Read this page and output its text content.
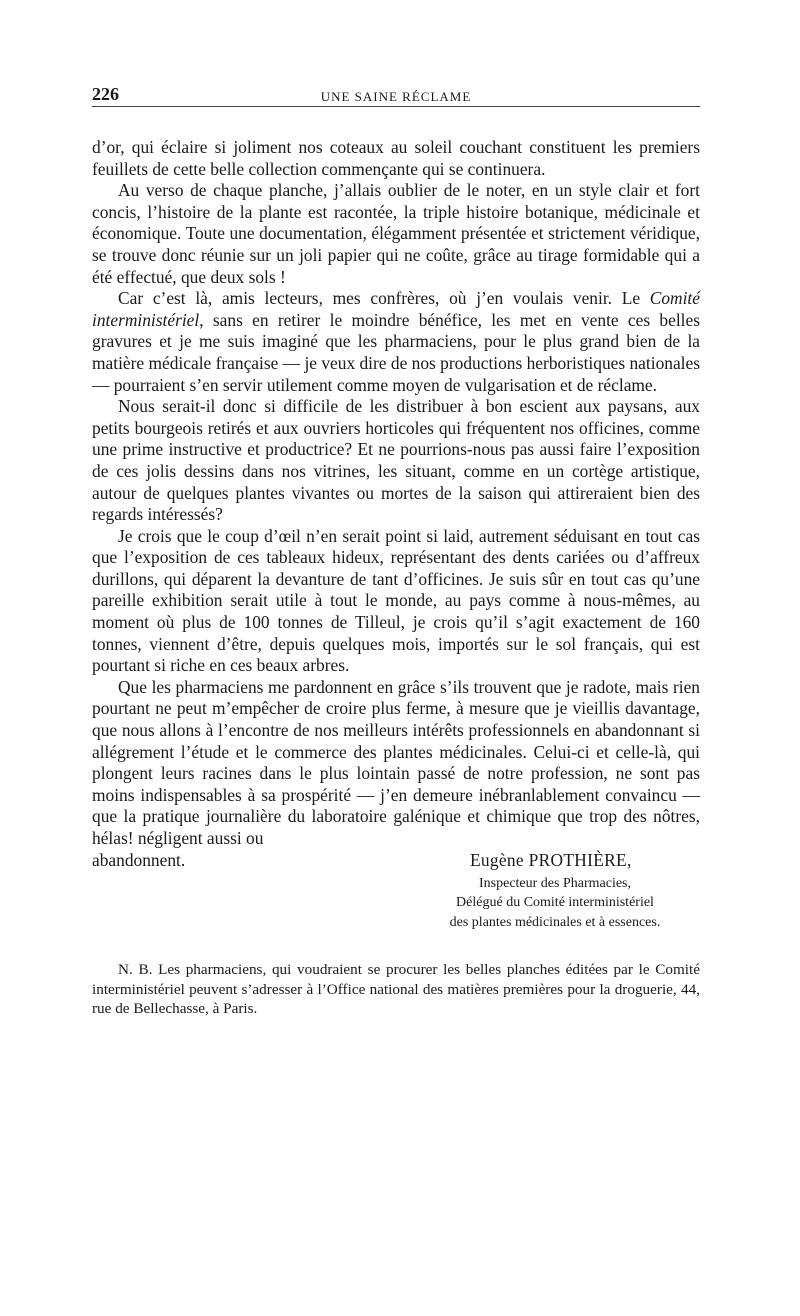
226	UNE SAINE RÉCLAME

d’or, qui éclaire si joliment nos coteaux au soleil couchant constituent les premiers feuillets de cette belle collection commençante qui se continuera.

Au verso de chaque planche, j’allais oublier de le noter, en un style clair et fort concis, l’histoire de la plante est racontée, la triple histoire botanique, médicinale et économique. Toute une documentation, élégamment présentée et strictement véridique, se trouve donc réunie sur un joli papier qui ne coûte, grâce au tirage formidable qui a été effectué, que deux sols !

Car c’est là, amis lecteurs, mes confrères, où j’en voulais venir. Le Comité interministériel, sans en retirer le moindre bénéfice, les met en vente ces belles gravures et je me suis imaginé que les pharmaciens, pour le plus grand bien de la matière médicale française — je veux dire de nos productions herboristiques nationales — pourraient s’en servir utilement comme moyen de vulgarisation et de réclame.

Nous serait-il donc si difficile de les distribuer à bon escient aux paysans, aux petits bourgeois retirés et aux ouvriers horticoles qui fréquentent nos officines, comme une prime instructive et productrice? Et ne pourrions-nous pas aussi faire l’exposition de ces jolis dessins dans nos vitrines, les situant, comme en un cortège artistique, autour de quelques plantes vivantes ou mortes de la saison qui attireraient bien des regards intéressés?

Je crois que le coup d’œil n’en serait point si laid, autrement séduisant en tout cas que l’exposition de ces tableaux hideux, représentant des dents cariées ou d’affreux durillons, qui déparent la devanture de tant d’officines. Je suis sûr en tout cas qu’une pareille exhibition serait utile à tout le monde, au pays comme à nous-mêmes, au moment où plus de 100 tonnes de Tilleul, je crois qu’il s’agit exactement de 160 tonnes, viennent d’être, depuis quelques mois, importés sur le sol français, qui est pourtant si riche en ces beaux arbres.

Que les pharmaciens me pardonnent en grâce s’ils trouvent que je radote, mais rien pourtant ne peut m’empêcher de croire plus ferme, à mesure que je vieillis davantage, que nous allons à l’encontre de nos meilleurs intérêts professionnels en abandonnant si allégrement l’étude et le commerce des plantes médicinales. Celui-ci et celle-là, qui plongent leurs racines dans le plus lointain passé de notre profession, ne sont pas moins indispensables à sa prospérité — j’en demeure inébranlablement convaincu — que la pratique journalière du laboratoire galénique et chimique que trop des nôtres, hélas! négligent aussi ou

abandonnent.	Eugène PROTHIÈRE,
Inspecteur des Pharmacies,
Délégué du Comité interministériel
des plantes médicinales et à essences.

N. B. Les pharmaciens, qui voudraient se procurer les belles planches éditées par le Comité interministériel peuvent s’adresser à l’Office national des matières premières pour la droguerie, 44, rue de Bellechasse, à Paris.
